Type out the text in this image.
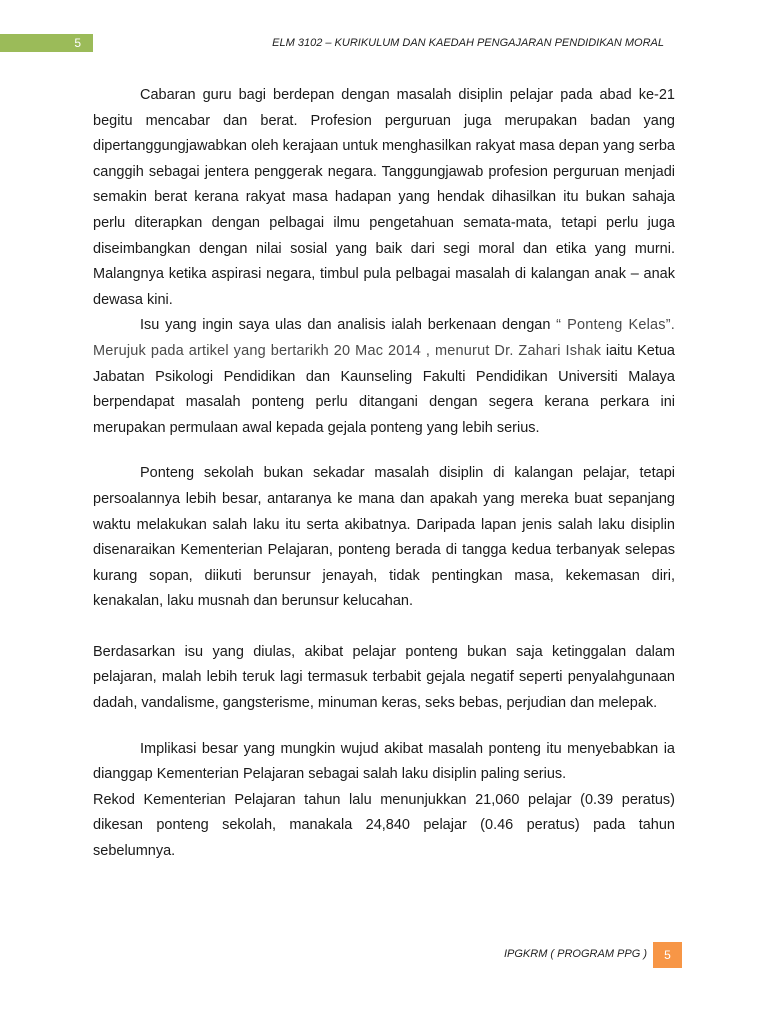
5	ELM 3102 – KURIKULUM DAN KAEDAH PENGAJARAN PENDIDIKAN MORAL

Cabaran guru bagi berdepan dengan masalah disiplin pelajar pada abad ke-21 begitu mencabar dan berat. Profesion perguruan juga merupakan badan yang dipertanggungjawabkan oleh kerajaan untuk menghasilkan rakyat masa depan yang serba canggih sebagai jentera penggerak negara. Tanggungjawab profesion perguruan menjadi semakin berat kerana rakyat masa hadapan yang hendak dihasilkan itu bukan sahaja perlu diterapkan dengan pelbagai ilmu pengetahuan semata-mata, tetapi perlu juga diseimbangkan dengan nilai sosial yang baik dari segi moral dan etika yang murni. Malangnya ketika aspirasi negara, timbul pula pelbagai masalah di kalangan anak – anak dewasa kini.

Isu yang ingin saya ulas dan analisis ialah berkenaan dengan “ Ponteng Kelas”. Merujuk pada artikel yang bertarikh 20 Mac 2014 , menurut Dr. Zahari Ishak iaitu Ketua Jabatan Psikologi Pendidikan dan Kaunseling Fakulti Pendidikan Universiti Malaya berpendapat masalah ponteng perlu ditangani dengan segera kerana perkara ini merupakan permulaan awal kepada gejala ponteng yang lebih serius.

Ponteng sekolah bukan sekadar masalah disiplin di kalangan pelajar, tetapi persoalannya lebih besar, antaranya ke mana dan apakah yang mereka buat sepanjang waktu melakukan salah laku itu serta akibatnya. Daripada lapan jenis salah laku disiplin disenaraikan Kementerian Pelajaran, ponteng berada di tangga kedua terbanyak selepas kurang sopan, diikuti berunsur jenayah, tidak pentingkan masa, kekemasan diri, kenakalan, laku musnah dan berunsur kelucahan.

Berdasarkan isu yang diulas, akibat pelajar ponteng bukan saja ketinggalan dalam pelajaran, malah lebih teruk lagi termasuk terbabit gejala negatif seperti penyalahgunaan dadah, vandalisme, gangsterisme, minuman keras, seks bebas, perjudian dan melepak.

Implikasi besar yang mungkin wujud akibat masalah ponteng itu menyebabkan ia dianggap Kementerian Pelajaran sebagai salah laku disiplin paling serius.

Rekod Kementerian Pelajaran tahun lalu menunjukkan 21,060 pelajar (0.39 peratus) dikesan ponteng sekolah, manakala 24,840 pelajar (0.46 peratus) pada tahun sebelumnya.

IPGKRM ( PROGRAM PPG )	5
